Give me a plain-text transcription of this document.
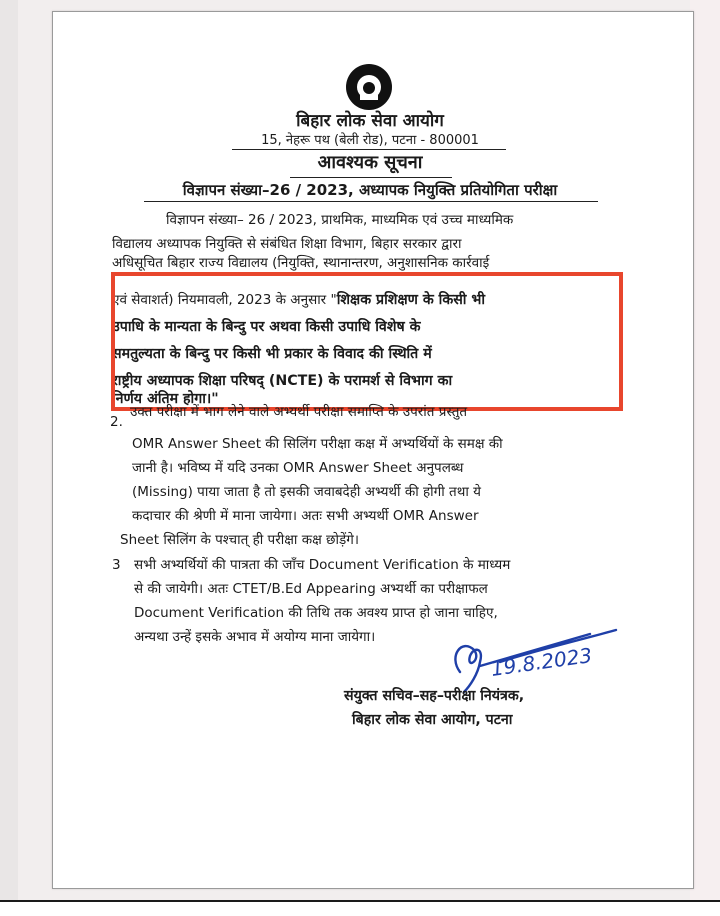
बिहार लोक सेवा आयोग
15, नेहरू पथ (बेली रोड), पटना - 800001
आवश्यक सूचना
विज्ञापन संख्या–26 / 2023, अध्यापक नियुक्ति प्रतियोगिता परीक्षा
विज्ञापन संख्या– 26 / 2023, प्राथमिक, माध्यमिक एवं उच्च माध्यमिक
विद्यालय अध्यापक नियुक्ति से संबंधित शिक्षा विभाग, बिहार सरकार द्वारा
अधिसूचित बिहार राज्य विद्यालय (नियुक्ति, स्थानान्तरण, अनुशासनिक कार्रवाई
एवं सेवाशर्त) नियमावली, 2023 के अनुसार "शिक्षक प्रशिक्षण के किसी भी
उपाधि के मान्यता के बिन्दु पर अथवा किसी उपाधि विशेष के
समतुल्यता के बिन्दु पर किसी भी प्रकार के विवाद की स्थिति में
राष्ट्रीय अध्यापक शिक्षा परिषद् (NCTE) के परामर्श से विभाग का
निर्णय अंतिम होगा।"
2.
उक्त परीक्षा में भाग लेने वाले अभ्यर्थी परीक्षा समाप्ति के उपरांत प्रस्तुत
OMR Answer Sheet की सिलिंग परीक्षा कक्ष में अभ्यर्थियों के समक्ष की
जानी है। भविष्य में यदि उनका OMR Answer Sheet अनुपलब्ध
(Missing) पाया जाता है तो इसकी जवाबदेही अभ्यर्थी की होगी तथा ये
कदाचार की श्रेणी में माना जायेगा। अतः सभी अभ्यर्थी OMR Answer
Sheet सिलिंग के पश्चात् ही परीक्षा कक्ष छोड़ेंगे।
3 सभी अभ्यर्थियों की पात्रता की जाँच Document Verification के माध्यम
से की जायेगी। अतः CTET/B.Ed Appearing अभ्यर्थी का परीक्षाफल
Document Verification की तिथि तक अवश्य प्राप्त हो जाना चाहिए,
अन्यथा उन्हें इसके अभाव में अयोग्य माना जायेगा।
19.8.2023
संयुक्त सचिव–सह–परीक्षा नियंत्रक,
बिहार लोक सेवा आयोग, पटना
